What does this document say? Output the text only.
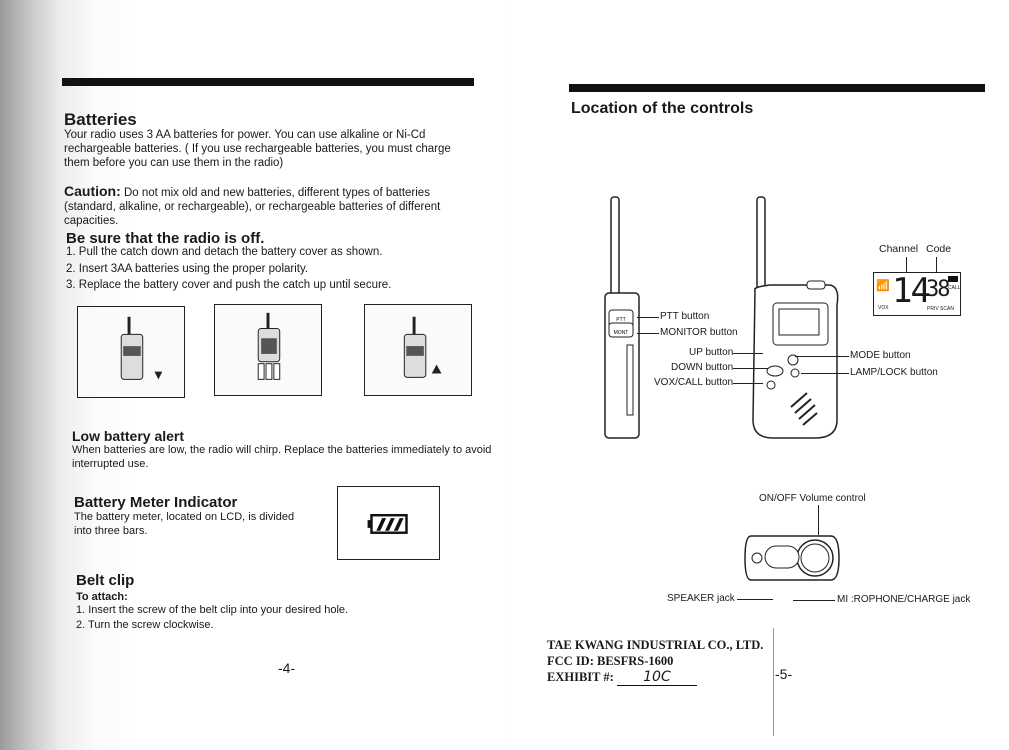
Batteries
Your radio uses 3 AA batteries for power. You can use alkaline or Ni-Cd rechargeable batteries. ( If you use rechargeable batteries, you must charge them before you can use them in the radio)
Caution: Do not mix old and new batteries, different types of batteries (standard, alkaline, or rechargeable), or rechargeable batteries of different capacities.
Be sure that the radio is off.
1. Pull the catch down and detach the battery cover as shown.
2. Insert 3AA batteries using the proper polarity.
3. Replace the battery cover and push the catch up until secure.
Low battery alert
When batteries are low, the radio will chirp. Replace the batteries immediately to avoid interrupted use.
Battery Meter Indicator
The battery meter, located on LCD, is divided into three bars.
Belt clip
To attach:
1. Insert the screw of the belt clip into your desired hole.
2. Turn the screw clockwise.
-4-
Location of the controls
PTT
MONT
PTT button
MONITOR button
UP button
DOWN button
VOX/CALL button
MODE button
LAMP/LOCK button
Channel Code
📶
VOX 14
38 CALL
PRIV SCAN
ON/OFF Volume control
SPEAKER jack	MI :ROPHONE/CHARGE jack
TAE KWANG INDUSTRIAL CO., LTD.
FCC ID: BESFRS-1600
EXHIBIT #: 10C	-5-
